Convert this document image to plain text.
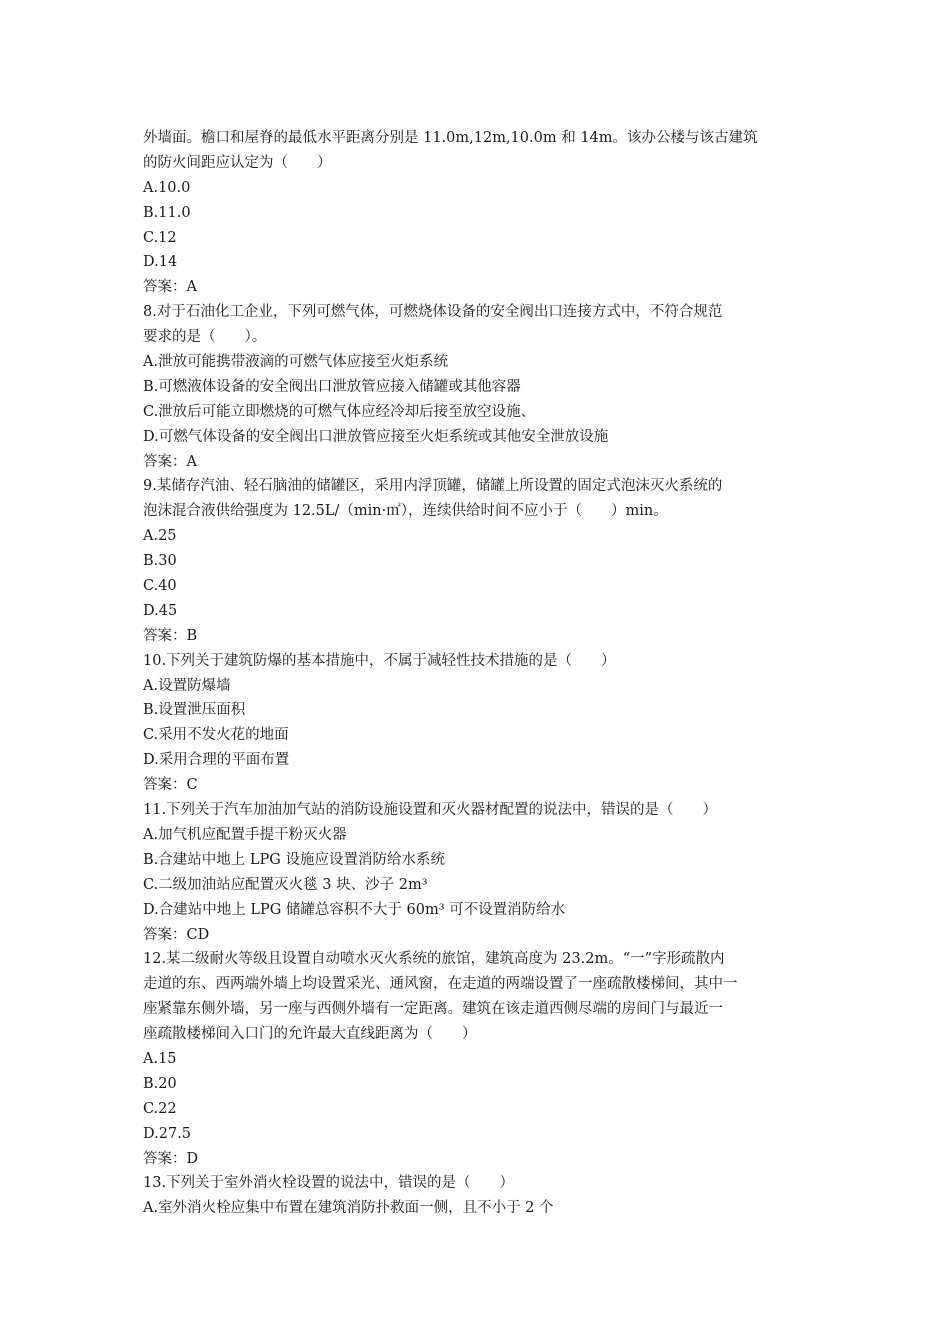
外墙面。檐口和屋脊的最低水平距离分别是 11.0m,12m,10.0m 和 14m。该办公楼与该古建筑
的防火间距应认定为（　　）
A.10.0
B.11.0
C.12
D.14
答案：A
8.对于石油化工企业，下列可燃气体，可燃烧体设备的安全阀出口连接方式中，不符合规范
要求的是（　　）。
A.泄放可能携带液滴的可燃气体应接至火炬系统
B.可燃液体设备的安全阀出口泄放管应接入储罐或其他容器
C.泄放后可能立即燃烧的可燃气体应经冷却后接至放空设施、
D.可燃气体设备的安全阀出口泄放管应接至火炬系统或其他安全泄放设施
答案：A
9.某储存汽油、轻石脑油的储罐区，采用内浮顶罐，储罐上所设置的固定式泡沫灭火系统的
泡沫混合液供给强度为 12.5L/（min·㎡），连续供给时间不应小于（　　）min。
A.25
B.30
C.40
D.45
答案：B
10.下列关于建筑防爆的基本措施中，不属于减轻性技术措施的是（　　）
A.设置防爆墙
B.设置泄压面积
C.采用不发火花的地面
D.采用合理的平面布置
答案：C
11.下列关于汽车加油加气站的消防设施设置和灭火器材配置的说法中，错误的是（　　）
A.加气机应配置手提干粉灭火器
B.合建站中地上 LPG 设施应设置消防给水系统
C.二级加油站应配置灭火毯 3 块、沙子 2m³
D.合建站中地上 LPG 储罐总容积不大于 60m³ 可不设置消防给水
答案：CD
12.某二级耐火等级且设置自动喷水灭火系统的旅馆，建筑高度为 23.2m。“一”字形疏散内
走道的东、西两端外墙上均设置采光、通风窗，在走道的两端设置了一座疏散楼梯间，其中一
座紧靠东侧外墙，另一座与西侧外墙有一定距离。建筑在该走道西侧尽端的房间门与最近一
座疏散楼梯间入口门的允许最大直线距离为（　　）
A.15
B.20
C.22
D.27.5
答案：D
13.下列关于室外消火栓设置的说法中，错误的是（　　）
A.室外消火栓应集中布置在建筑消防扑救面一侧，且不小于 2 个
